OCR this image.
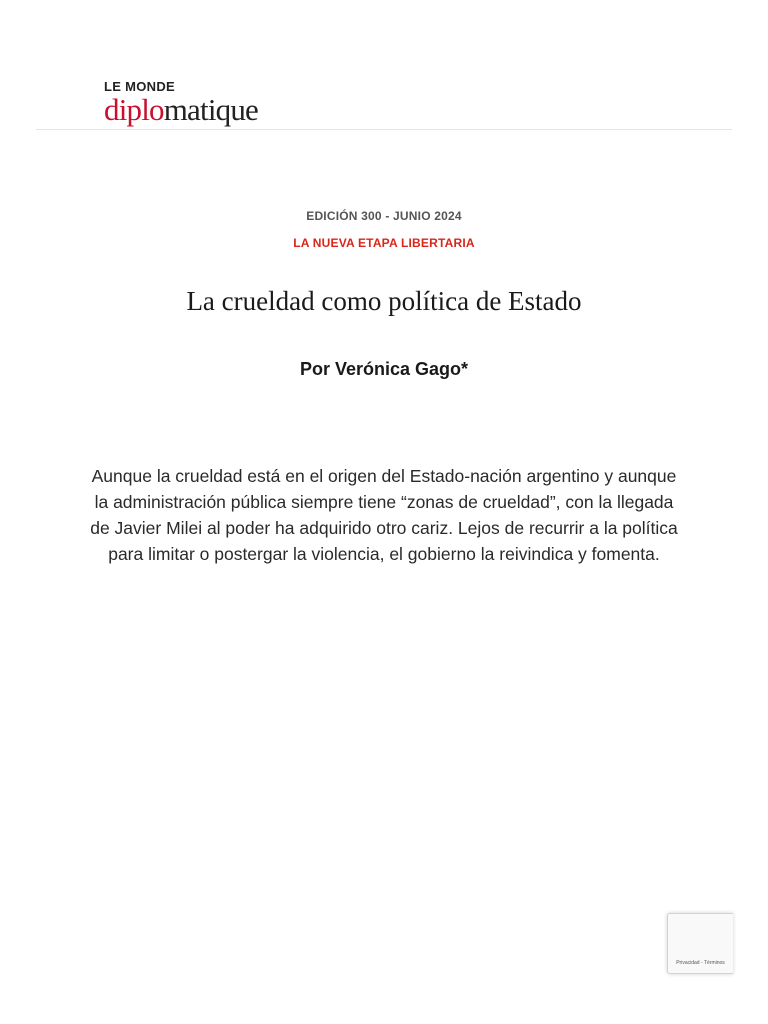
LE MONDE
diplomatique
EDICIÓN 300 - JUNIO 2024
LA NUEVA ETAPA LIBERTARIA
La crueldad como política de Estado
Por Verónica Gago*

Aunque la crueldad está en el origen del Estado-nación argentino y aunque la administración pública siempre tiene “zonas de crueldad”, con la llegada de Javier Milei al poder ha adquirido otro cariz. Lejos de recurrir a la política para limitar o postergar la violencia, el gobierno la reivindica y fomenta.

Privacidad - Términos
